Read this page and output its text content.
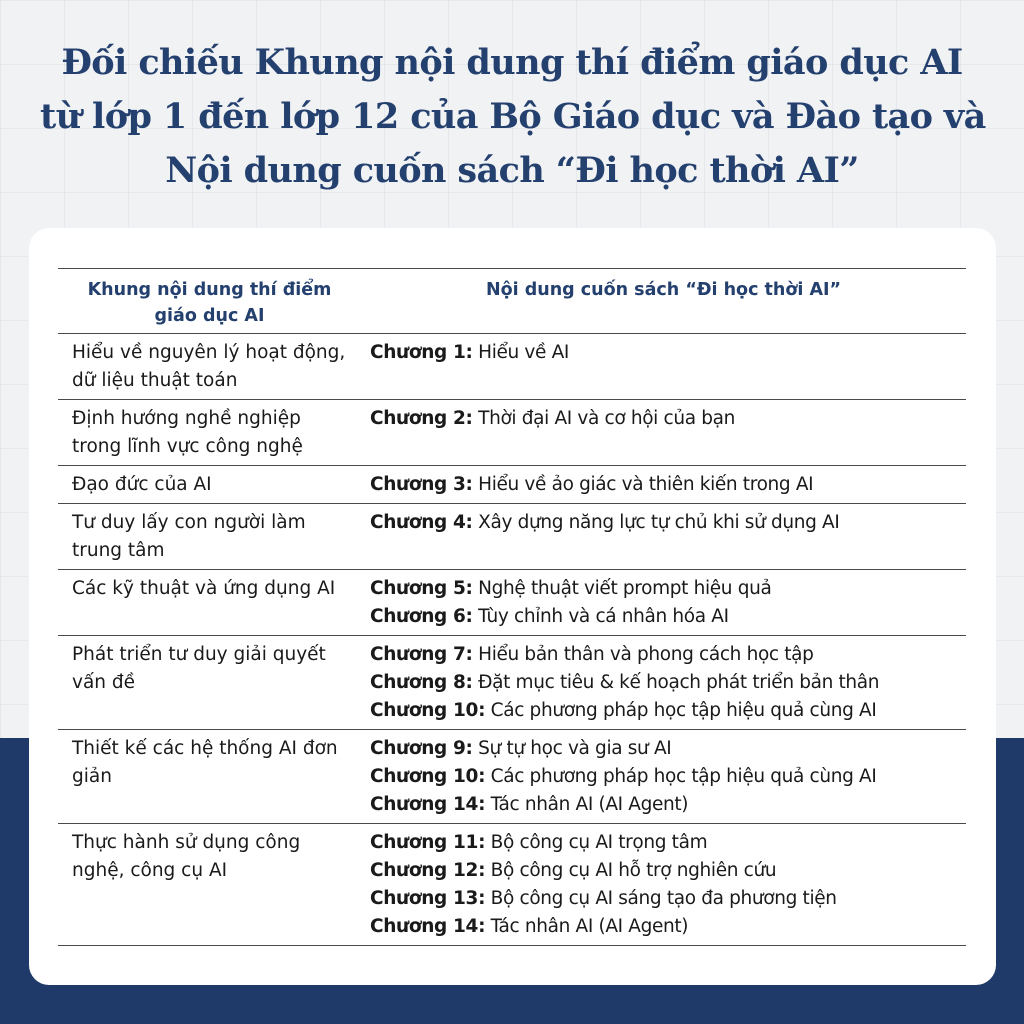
Đối chiếu Khung nội dung thí điểm giáo dục AI
từ lớp 1 đến lớp 12 của Bộ Giáo dục và Đào tạo và
Nội dung cuốn sách “Đi học thời AI”
Khung nội dung thí điểm giáo dục AI	Nội dung cuốn sách “Đi học thời AI”
Hiểu về nguyên lý hoạt động, dữ liệu thuật toán	Chương 1: Hiểu về AI

Định hướng nghề nghiệp trong lĩnh vực công nghệ	Chương 2: Thời đại AI và cơ hội của bạn

Đạo đức của AI	Chương 3: Hiểu về ảo giác và thiên kiến trong AI

Tư duy lấy con người làm trung tâm	Chương 4: Xây dựng năng lực tự chủ khi sử dụng AI

Các kỹ thuật và ứng dụng AI	Chương 5: Nghệ thuật viết prompt hiệu quả
Chương 6: Tùy chỉnh và cá nhân hóa AI

Phát triển tư duy giải quyết vấn đề	Chương 7: Hiểu bản thân và phong cách học tập
Chương 8: Đặt mục tiêu & kế hoạch phát triển bản thân
Chương 10: Các phương pháp học tập hiệu quả cùng AI

Thiết kế các hệ thống AI đơn giản	Chương 9: Sự tự học và gia sư AI
Chương 10: Các phương pháp học tập hiệu quả cùng AI
Chương 14: Tác nhân AI (AI Agent)

Thực hành sử dụng công nghệ, công cụ AI	Chương 11: Bộ công cụ AI trọng tâm
Chương 12: Bộ công cụ AI hỗ trợ nghiên cứu
Chương 13: Bộ công cụ AI sáng tạo đa phương tiện
Chương 14: Tác nhân AI (AI Agent)
